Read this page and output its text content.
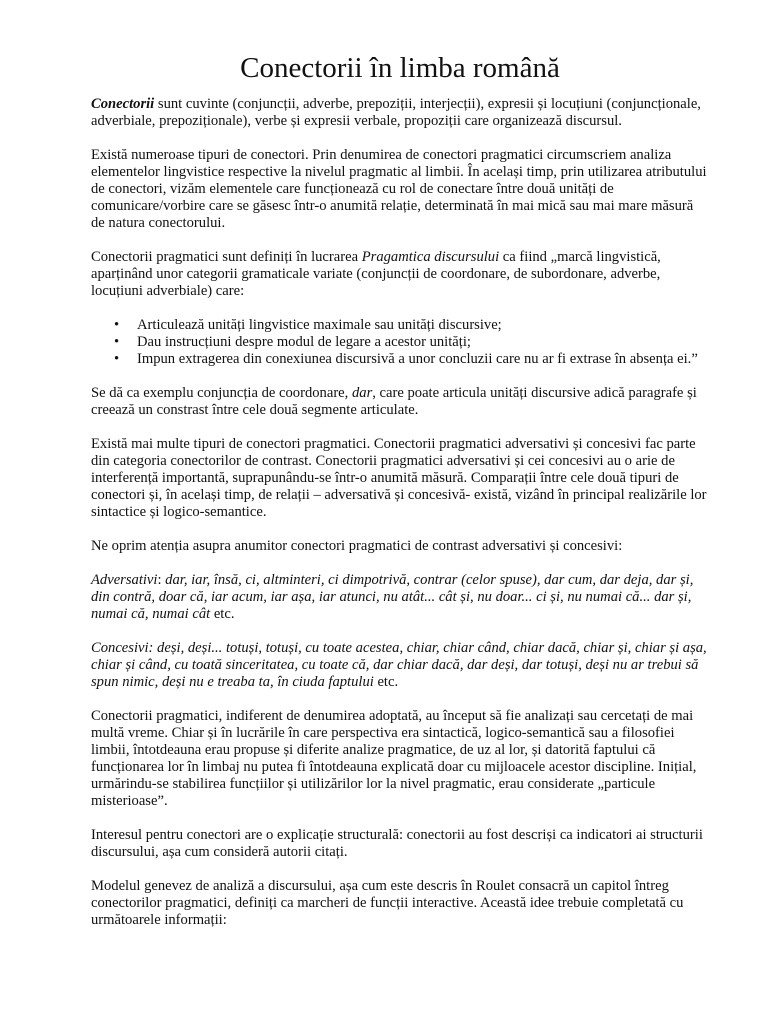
Conectorii în limba română

Conectorii sunt cuvinte (conjuncții, adverbe, prepoziții, interjecții), expresii și locuțiuni (conjuncționale, adverbiale, prepoziționale), verbe și expresii verbale, propoziții care organizează discursul.

Există numeroase tipuri de conectori. Prin denumirea de conectori pragmatici circumscriem analiza elementelor lingvistice respective la nivelul pragmatic al limbii. În același timp, prin utilizarea atributului de conectori, vizăm elementele care funcționează cu rol de conectare între două unități de comunicare/vorbire care se găsesc într-o anumită relație, determinată în mai mică sau mai mare măsură de natura conectorului.

Conectorii pragmatici sunt definiți în lucrarea Pragamtica discursului ca fiind „marcă lingvistică, aparținând unor categorii gramaticale variate (conjuncții de coordonare, de subordonare, adverbe, locuțiuni adverbiale) care:

• Articulează unități lingvistice maximale sau unități discursive;
• Dau instrucțiuni despre modul de legare a acestor unități;
• Impun extragerea din conexiunea discursivă a unor concluzii care nu ar fi extrase în absența ei.”

Se dă ca exemplu conjuncția de coordonare, dar, care poate articula unități discursive adică paragrafe și creează un constrast între cele două segmente articulate.

Există mai multe tipuri de conectori pragmatici. Conectorii pragmatici adversativi și concesivi fac parte din categoria conectorilor de contrast. Conectorii pragmatici adversativi și cei concesivi au o arie de interferență importantă, suprapunându-se într-o anumită măsură. Comparații între cele două tipuri de conectori și, în același timp, de relații – adversativă și concesivă- există, vizând în principal realizările lor sintactice și logico-semantice.

Ne oprim atenția asupra anumitor conectori pragmatici de contrast adversativi și concesivi:

Adversativi: dar, iar, însă, ci, altminteri, ci dimpotrivă, contrar (celor spuse), dar cum, dar deja, dar și, din contră, doar că, iar acum, iar așa, iar atunci, nu atât... cât și, nu doar... ci și, nu numai că... dar și, numai că, numai cât etc.

Concesivi: deși, deși... totuși, totuși, cu toate acestea, chiar, chiar când, chiar dacă, chiar și, chiar și așa, chiar și când, cu toată sinceritatea, cu toate că, dar chiar dacă, dar deși, dar totuși, deși nu ar trebui să spun nimic, deși nu e treaba ta, în ciuda faptului etc.

Conectorii pragmatici, indiferent de denumirea adoptată, au început să fie analizați sau cercetați de mai multă vreme. Chiar și în lucrările în care perspectiva era sintactică, logico-semantică sau a filosofiei limbii, întotdeauna erau propuse și diferite analize pragmatice, de uz al lor, și datorită faptului că funcționarea lor în limbaj nu putea fi întotdeauna explicată doar cu mijloacele acestor discipline. Inițial, urmărindu-se stabilirea funcțiilor și utilizărilor lor la nivel pragmatic, erau considerate „particule misterioase”.

Interesul pentru conectori are o explicație structurală: conectorii au fost descriși ca indicatori ai structurii discursului, așa cum consideră autorii citați.

Modelul genevez de analiză a discursului, așa cum este descris în Roulet consacră un capitol întreg conectorilor pragmatici, definiți ca marcheri de funcții interactive. Această idee trebuie completată cu următoarele informații:
